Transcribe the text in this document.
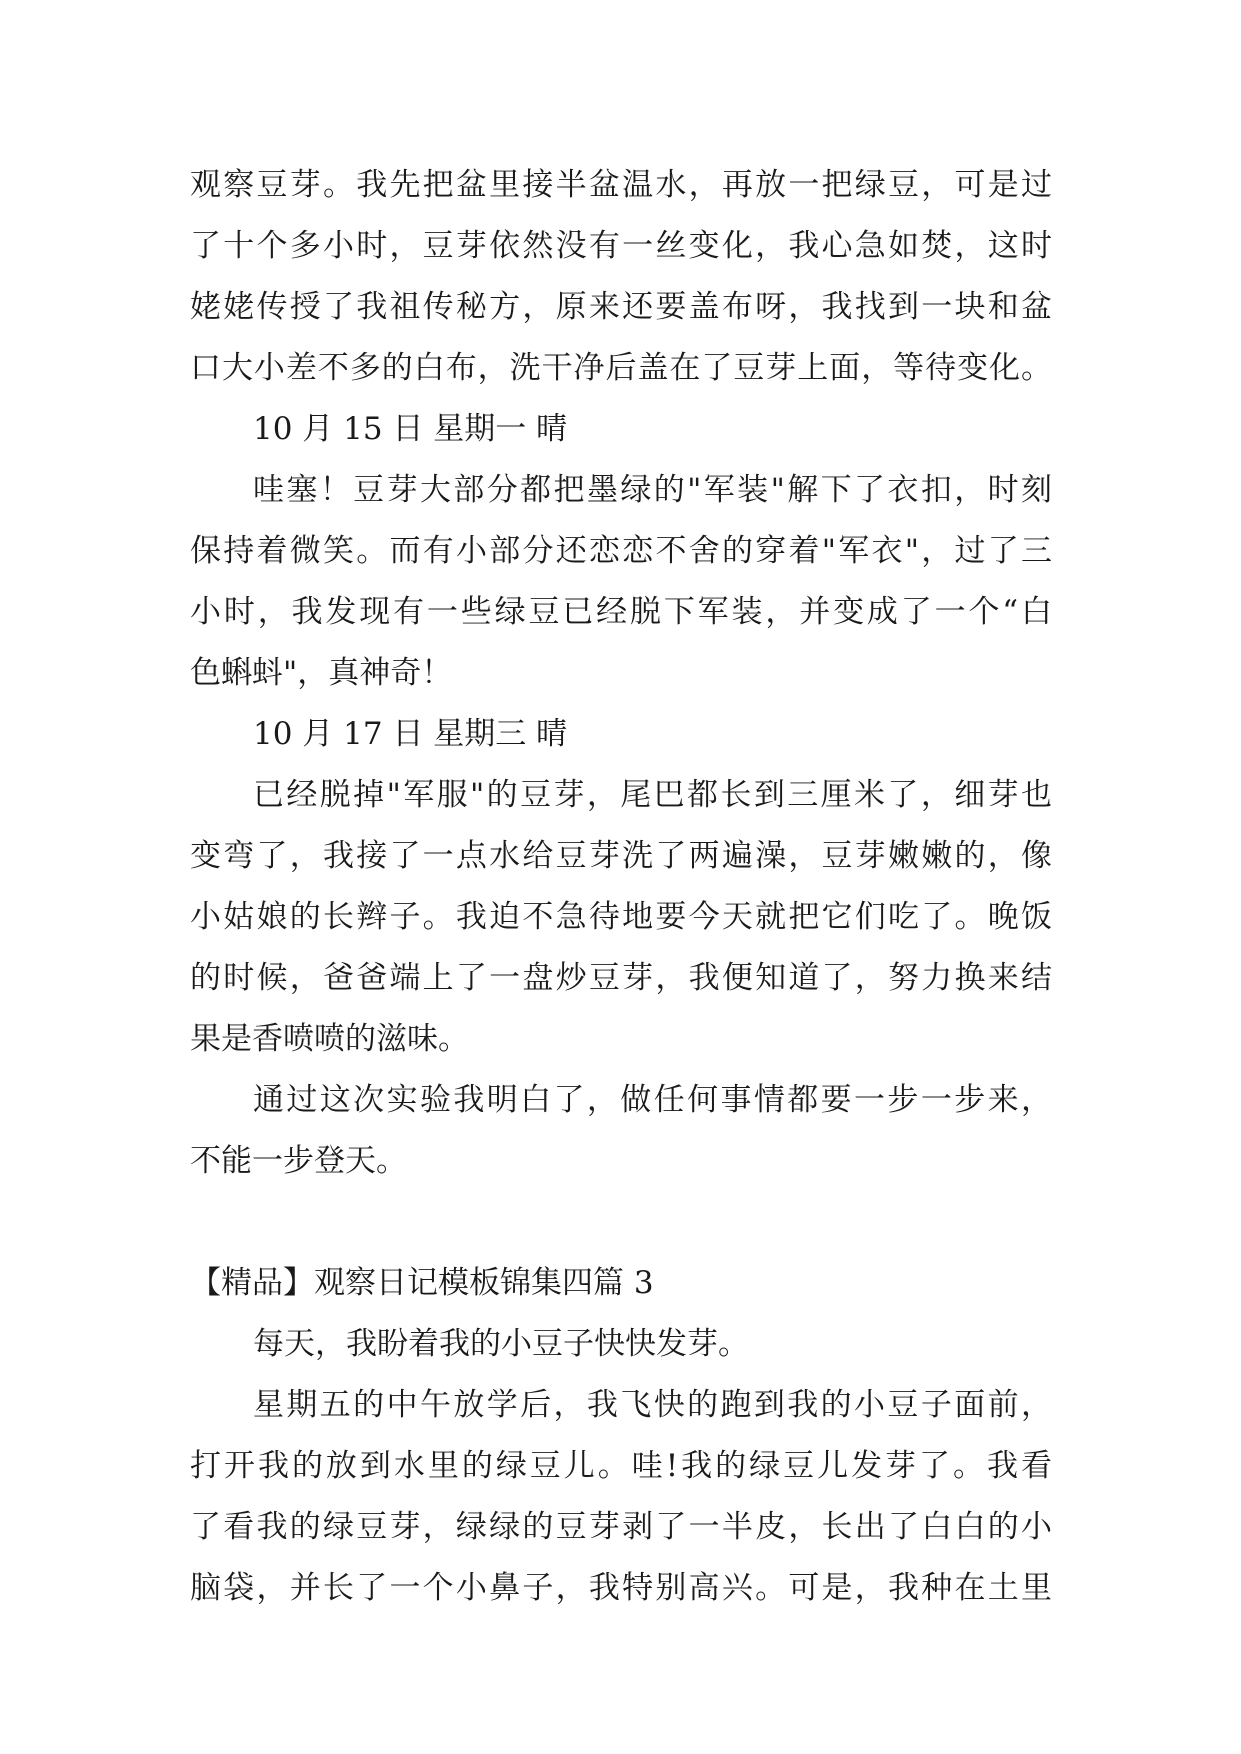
观察豆芽。我先把盆里接半盆温水，再放一把绿豆，可是过

了十个多小时，豆芽依然没有一丝变化，我心急如焚，这时

姥姥传授了我祖传秘方，原来还要盖布呀，我找到一块和盆

口大小差不多的白布，洗干净后盖在了豆芽上面，等待变化。

10 月 15 日 星期一 晴

哇塞！豆芽大部分都把墨绿的"军装"解下了衣扣，时刻

保持着微笑。而有小部分还恋恋不舍的穿着"军衣"，过了三

小时，我发现有一些绿豆已经脱下军装，并变成了一个“白

色蝌蚪"，真神奇！

10 月 17 日 星期三 晴

已经脱掉"军服"的豆芽，尾巴都长到三厘米了，细芽也

变弯了，我接了一点水给豆芽洗了两遍澡，豆芽嫩嫩的，像

小姑娘的长辫子。我迫不急待地要今天就把它们吃了。晚饭

的时候，爸爸端上了一盘炒豆芽，我便知道了，努力换来结

果是香喷喷的滋味。

通过这次实验我明白了，做任何事情都要一步一步来，

不能一步登天。

【精品】观察日记模板锦集四篇 3

每天，我盼着我的小豆子快快发芽。

星期五的中午放学后，我飞快的跑到我的小豆子面前，

打开我的放到水里的绿豆儿。哇!我的绿豆儿发芽了。我看

了看我的绿豆芽，绿绿的豆芽剥了一半皮，长出了白白的小

脑袋，并长了一个小鼻子，我特别高兴。可是，我种在土里
